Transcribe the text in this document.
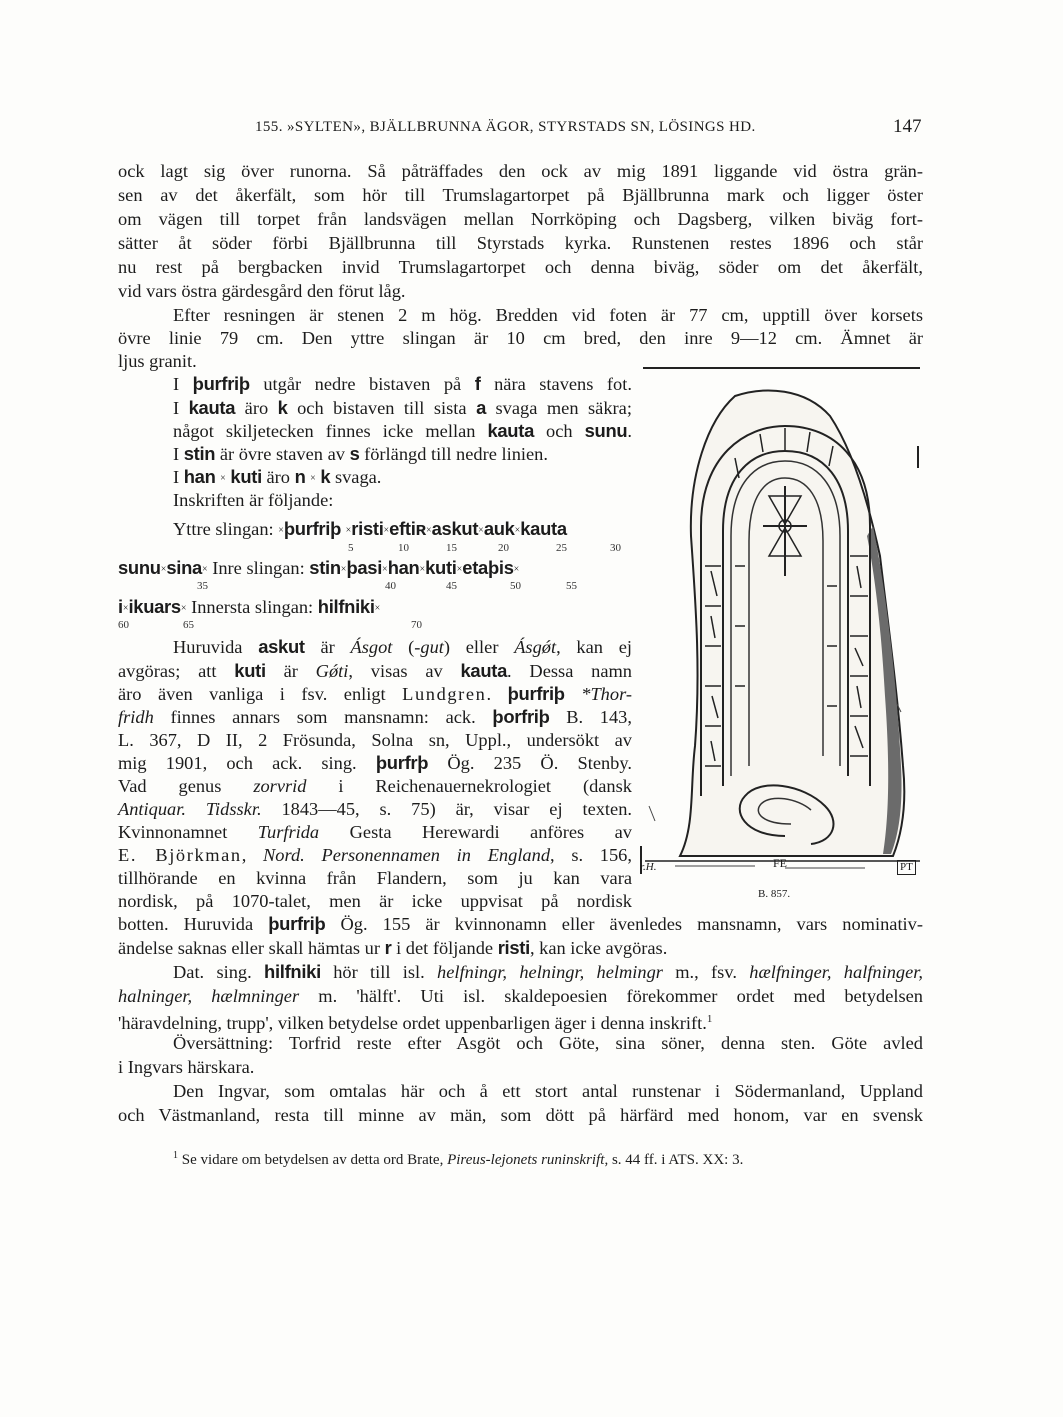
155. »SYLTEN», BJÄLLBRUNNA ÄGOR, STYRSTADS SN, LÖSINGS HD.	147
ock lagt sig över runorna. Så påträffades den ock av mig 1891 liggande vid östra grän-
sen av det åkerfält, som hör till Trumslagartorpet på Bjällbrunna mark och ligger öster
om vägen till torpet från landsvägen mellan Norrköping och Dagsberg, vilken biväg fort-
sätter åt söder förbi Bjällbrunna till Styrstads kyrka. Runstenen restes 1896 och står
nu rest på bergbacken invid Trumslagartorpet och denna biväg, söder om det åkerfält,
vid vars östra gärdesgård den förut låg.
Efter resningen är stenen 2 m hög. Bredden vid foten är 77 cm, upptill över korsets
övre linie 79 cm. Den yttre slingan är 10 cm bred, den inre 9—12 cm. Ämnet är
ljus granit.
I þurfriþ utgår nedre bistaven på f nära stavens fot.
I kauta äro k och bistaven till sista a svaga men säkra;
något skiljetecken finnes icke mellan kauta och sunu.
I stin är övre staven av s förlängd till nedre linien.
I han × kuti äro n × k svaga.
Inskriften är följande:
Yttre slingan: ×þurfriþ ×risti×eftiʀ×askut×auk×kauta
5	10	15	20	25	30
sunu×sina× Inre slingan: stin×þasi×han×kuti×etaþis×
35	40	45	50	55
i×ikuars× Innersta slingan: hilfniki×
60	65	70
Huruvida askut är Ásgot (-gut) eller Ásgǿt, kan ej
avgöras; att kuti är Gǿti, visas av kauta. Dessa namn
äro även vanliga i fsv. enligt Lundgren. þurfriþ *Thor-
fridh finnes annars som mansnamn: ack. þorfriþ B. 143,
L. 367, D II, 2 Frösunda, Solna sn, Uppl., undersökt av
mig 1901, och ack. sing. þurfrþ Ög. 235 Ö. Stenby.
Vad genus zorvrid i Reichenauernekrologiet (dansk
Antiquar. Tidsskr. 1843—45, s. 75) är, visar ej texten.
Kvinnonamnet Turfrida Gesta Herewardi anföres av
E. Björkman, Nord. Personennamen in England, s. 156,
tillhörande en kvinna från Flandern, som ju kan vara
nordisk, på 1070-talet, men är icke uppvisat på nordisk
botten. Huruvida þurfriþ Ög. 155 är kvinnonamn eller ävenledes mansnamn, vars nominativ-
ändelse saknas eller skall hämtas ur r i det följande risti, kan icke avgöras.
Dat. sing. hilfniki hör till isl. helfningr, helningr, helmingr m., fsv. hælfninger, halfninger,
halninger, hælmninger m. 'hälft'. Uti isl. skaldepoesien förekommer ordet med betydelsen
'häravdelning, trupp', vilken betydelse ordet uppenbarligen äger i denna inskrift.$^1$
Översättning: Torfrid reste efter Asgöt och Göte, sina söner, denna sten. Göte avled
i Ingvars härskara.
Den Ingvar, som omtalas här och å ett stort antal runstenar i Södermanland, Uppland
och Västmanland, resta till minne av män, som dött på härfärd med honom, var en svensk
$^1$ Se vidare om betydelsen av detta ord Brate, Pireus-lejonets runinskrift, s. 44 ff. i ATS. XX: 3.
r.H.	FE	PT
B. 857.
